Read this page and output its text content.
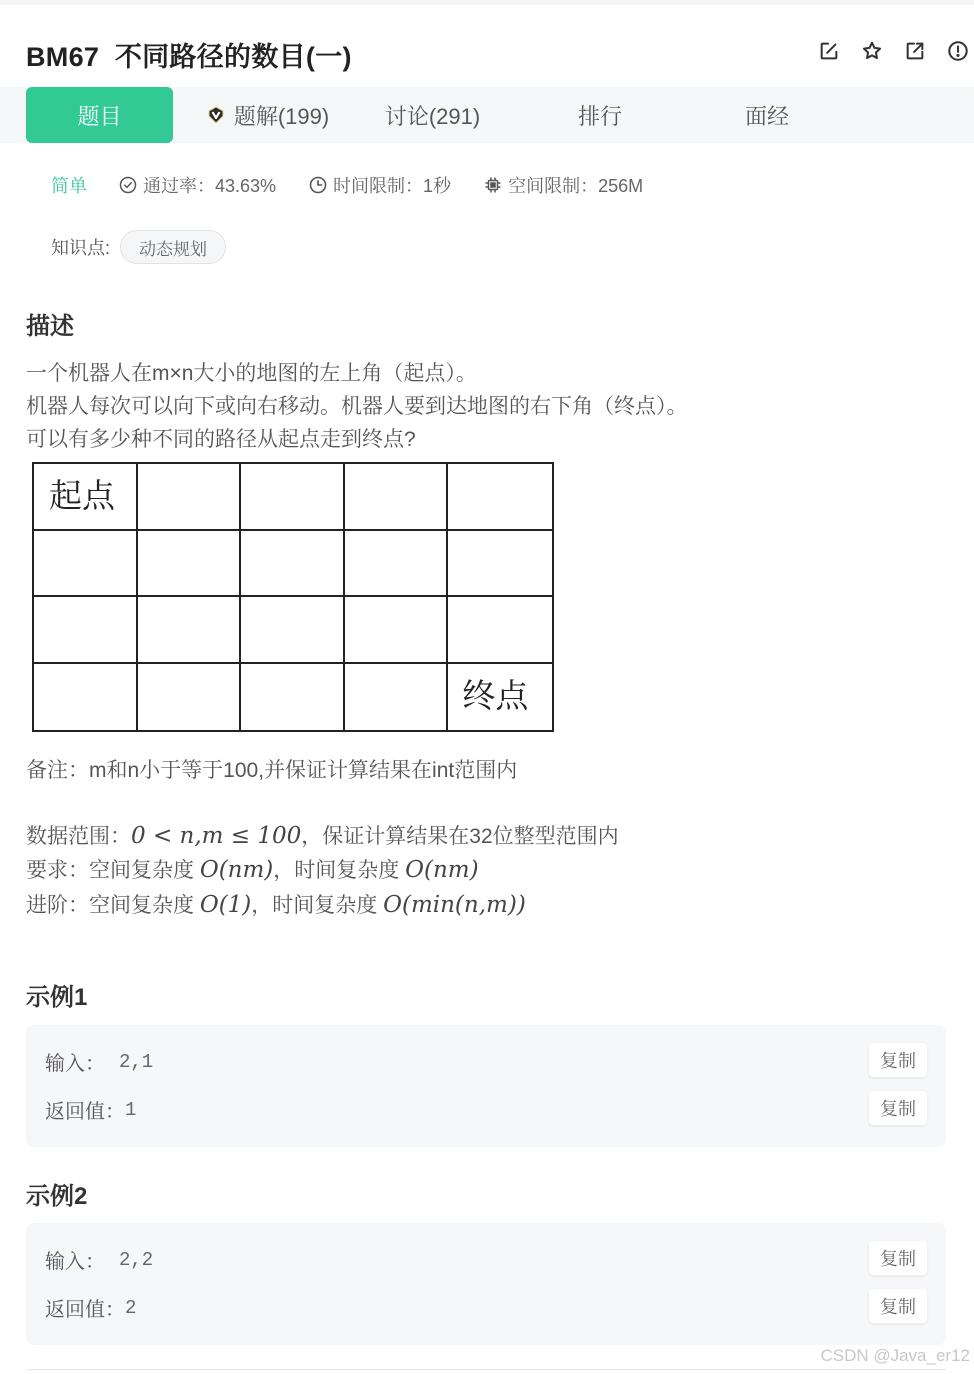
BM67  不同路径的数目(一)
题目	题解(199)	讨论(291)	排行	面经
简单	通过率：43.63%	时间限制：1秒	空间限制：256M
知识点:	动态规划
描述
一个机器人在m×n大小的地图的左上角（起点）。
机器人每次可以向下或向右移动。机器人要到达地图的右下角（终点）。
可以有多少种不同的路径从起点走到终点?
起点
终点
备注：m和n小于等于100,并保证计算结果在int范围内
数据范围：0 < n,m ≤ 100，保证计算结果在32位整型范围内
要求：空间复杂度 O(nm)，时间复杂度 O(nm)
进阶：空间复杂度 O(1)，时间复杂度 O(min(n,m))
示例1
输入： 2,1	复制
返回值： 1	复制
示例2
输入： 2,2	复制
返回值： 2	复制
CSDN @Java_er12
